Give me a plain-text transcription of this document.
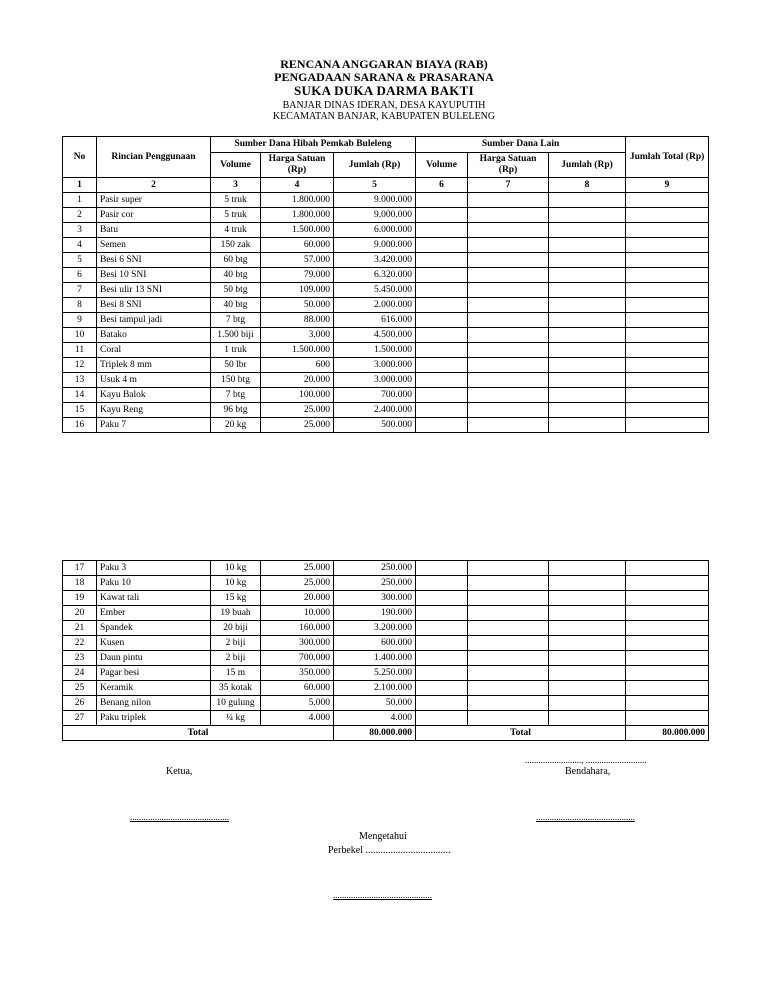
RENCANA ANGGARAN BIAYA (RAB)
PENGADAAN SARANA & PRASARANA
SUKA DUKA DARMA BAKTI
BANJAR DINAS IDERAN, DESA KAYUPUTIH
KECAMATAN BANJAR, KABUPATEN BULELENG
No	Rincian Penggunaan	Sumber Dana Hibah Pemkab Buleleng			Sumber Dana Lain			Jumlah Total (Rp)
		Volume	Harga Satuan (Rp)	Jumlah (Rp)	Volume	Harga Satuan (Rp)	Jumlah (Rp)	
1	2	3	4	5	6	7	8	9
1	Pasir super	5 truk	1.800.000	9.000.000				
2	Pasir cor	5 truk	1.800.000	9.000.000				
3	Batu	4 truk	1.500.000	6.000.000				
4	Semen	150 zak	60.000	9.000.000				
5	Besi 6 SNI	60 btg	57.000	3.420.000				
6	Besi 10 SNI	40 btg	79.000	6.320.000				
7	Besi ulir 13 SNI	50 btg	109.000	5.450.000				
8	Besi 8 SNI	40 btg	50.000	2.000.000				
9	Besi tampul jadi	7 btg	88.000	616.000				
10	Batako	1.500 biji	3.000	4.500.000				
11	Coral	1 truk	1.500.000	1.500.000				
12	Triplek 8 mm	50 lbr	600	3.000.000				
13	Usuk 4 m	150 btg	20.000	3.000.000				
14	Kayu Balok	7 btg	100.000	700.000				
15	Kayu Reng	96 btg	25.000	2.400.000				
16	Paku 7	20 kg	25.000	500.000				
17	Paku 3	10 kg	25.000	250.000				
18	Paku 10	10 kg	25.000	250.000				
19	Kawat tali	15 kg	20.000	300.000				
20	Ember	19 buah	10.000	190.000				
21	Spandek	20 biji	160.000	3.200.000				
22	Kusen	2 biji	300.000	600.000				
23	Daun pintu	2 biji	700.000	1.400.000				
24	Pagar besi	15 m	350.000	5.250.000				
25	Keramik	35 kotak	60.000	2.100.000				
26	Benang nilon	10 gulung	5.000	50.000				
27	Paku triplek	¼ kg	4.000	4.000				
Total				80.000.000	Total			80.000.000
........................., ...........................
Ketua,	Bendahara,
............................................	............................................
Mengetahui
Perbekel ..................................
............................................
